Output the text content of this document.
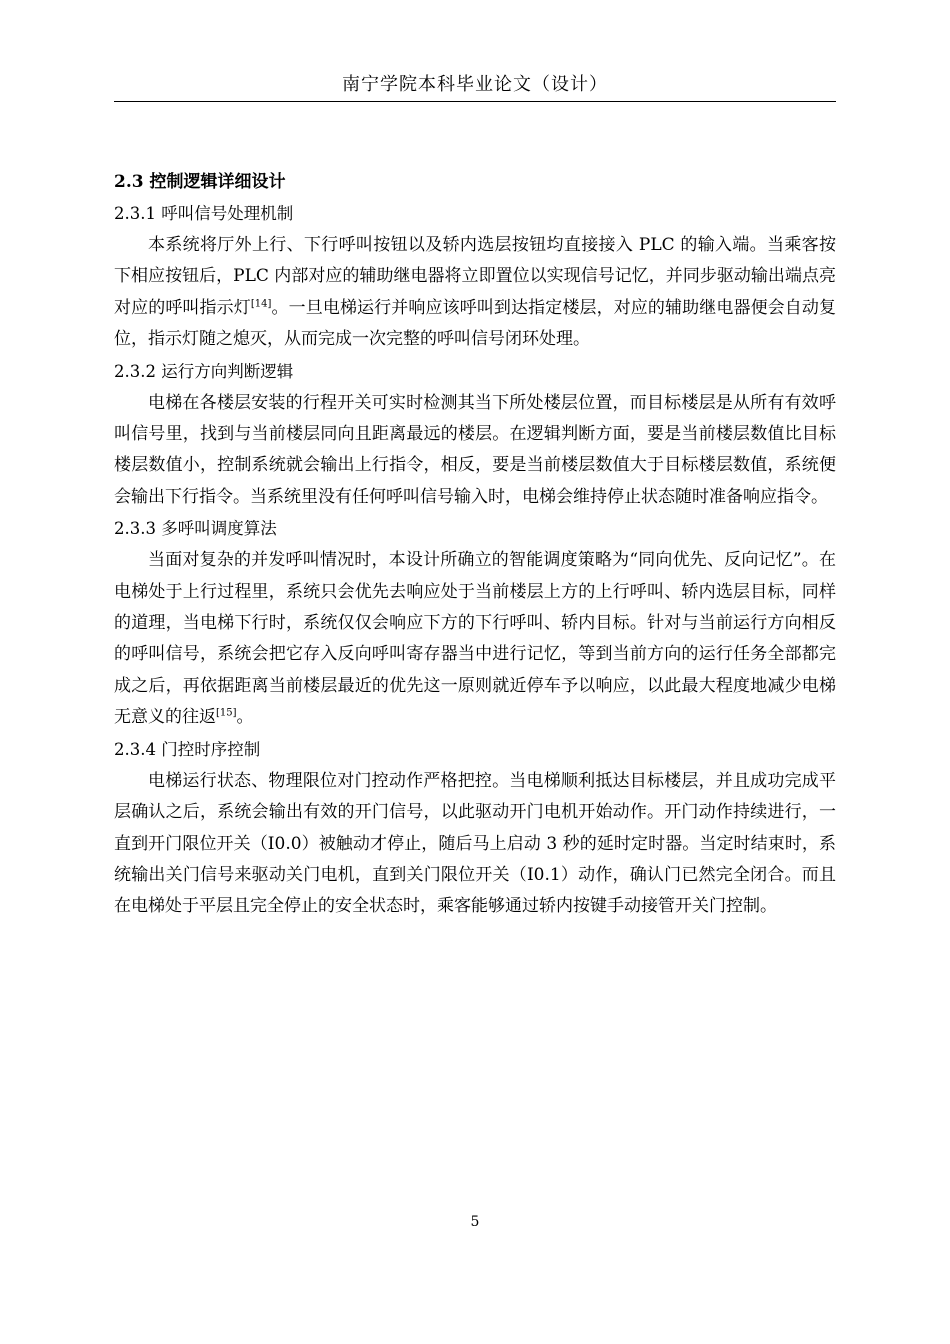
南宁学院本科毕业论文（设计）
2.3 控制逻辑详细设计
2.3.1 呼叫信号处理机制

本系统将厅外上行、下行呼叫按钮以及轿内选层按钮均直接接入 PLC 的输入端。当乘客按下相应按钮后，PLC 内部对应的辅助继电器将立即置位以实现信号记忆，并同步驱动输出端点亮对应的呼叫指示灯[14]。一旦电梯运行并响应该呼叫到达指定楼层，对应的辅助继电器便会自动复位，指示灯随之熄灭，从而完成一次完整的呼叫信号闭环处理。

2.3.2 运行方向判断逻辑

电梯在各楼层安装的行程开关可实时检测其当下所处楼层位置，而目标楼层是从所有有效呼叫信号里，找到与当前楼层同向且距离最远的楼层。在逻辑判断方面，要是当前楼层数值比目标楼层数值小，控制系统就会输出上行指令，相反，要是当前楼层数值大于目标楼层数值，系统便会输出下行指令。当系统里没有任何呼叫信号输入时，电梯会维持停止状态随时准备响应指令。

2.3.3 多呼叫调度算法

当面对复杂的并发呼叫情况时，本设计所确立的智能调度策略为“同向优先、反向记忆”。在电梯处于上行过程里，系统只会优先去响应处于当前楼层上方的上行呼叫、轿内选层目标，同样的道理，当电梯下行时，系统仅仅会响应下方的下行呼叫、轿内目标。针对与当前运行方向相反的呼叫信号，系统会把它存入反向呼叫寄存器当中进行记忆，等到当前方向的运行任务全部都完成之后，再依据距离当前楼层最近的优先这一原则就近停车予以响应，以此最大程度地减少电梯无意义的往返[15]。

2.3.4 门控时序控制

电梯运行状态、物理限位对门控动作严格把控。当电梯顺利抵达目标楼层，并且成功完成平层确认之后，系统会输出有效的开门信号，以此驱动开门电机开始动作。开门动作持续进行，一直到开门限位开关（I0.0）被触动才停止，随后马上启动 3 秒的延时定时器。当定时结束时，系统输出关门信号来驱动关门电机，直到关门限位开关（I0.1）动作，确认门已然完全闭合。而且在电梯处于平层且完全停止的安全状态时，乘客能够通过轿内按键手动接管开关门控制。

5
